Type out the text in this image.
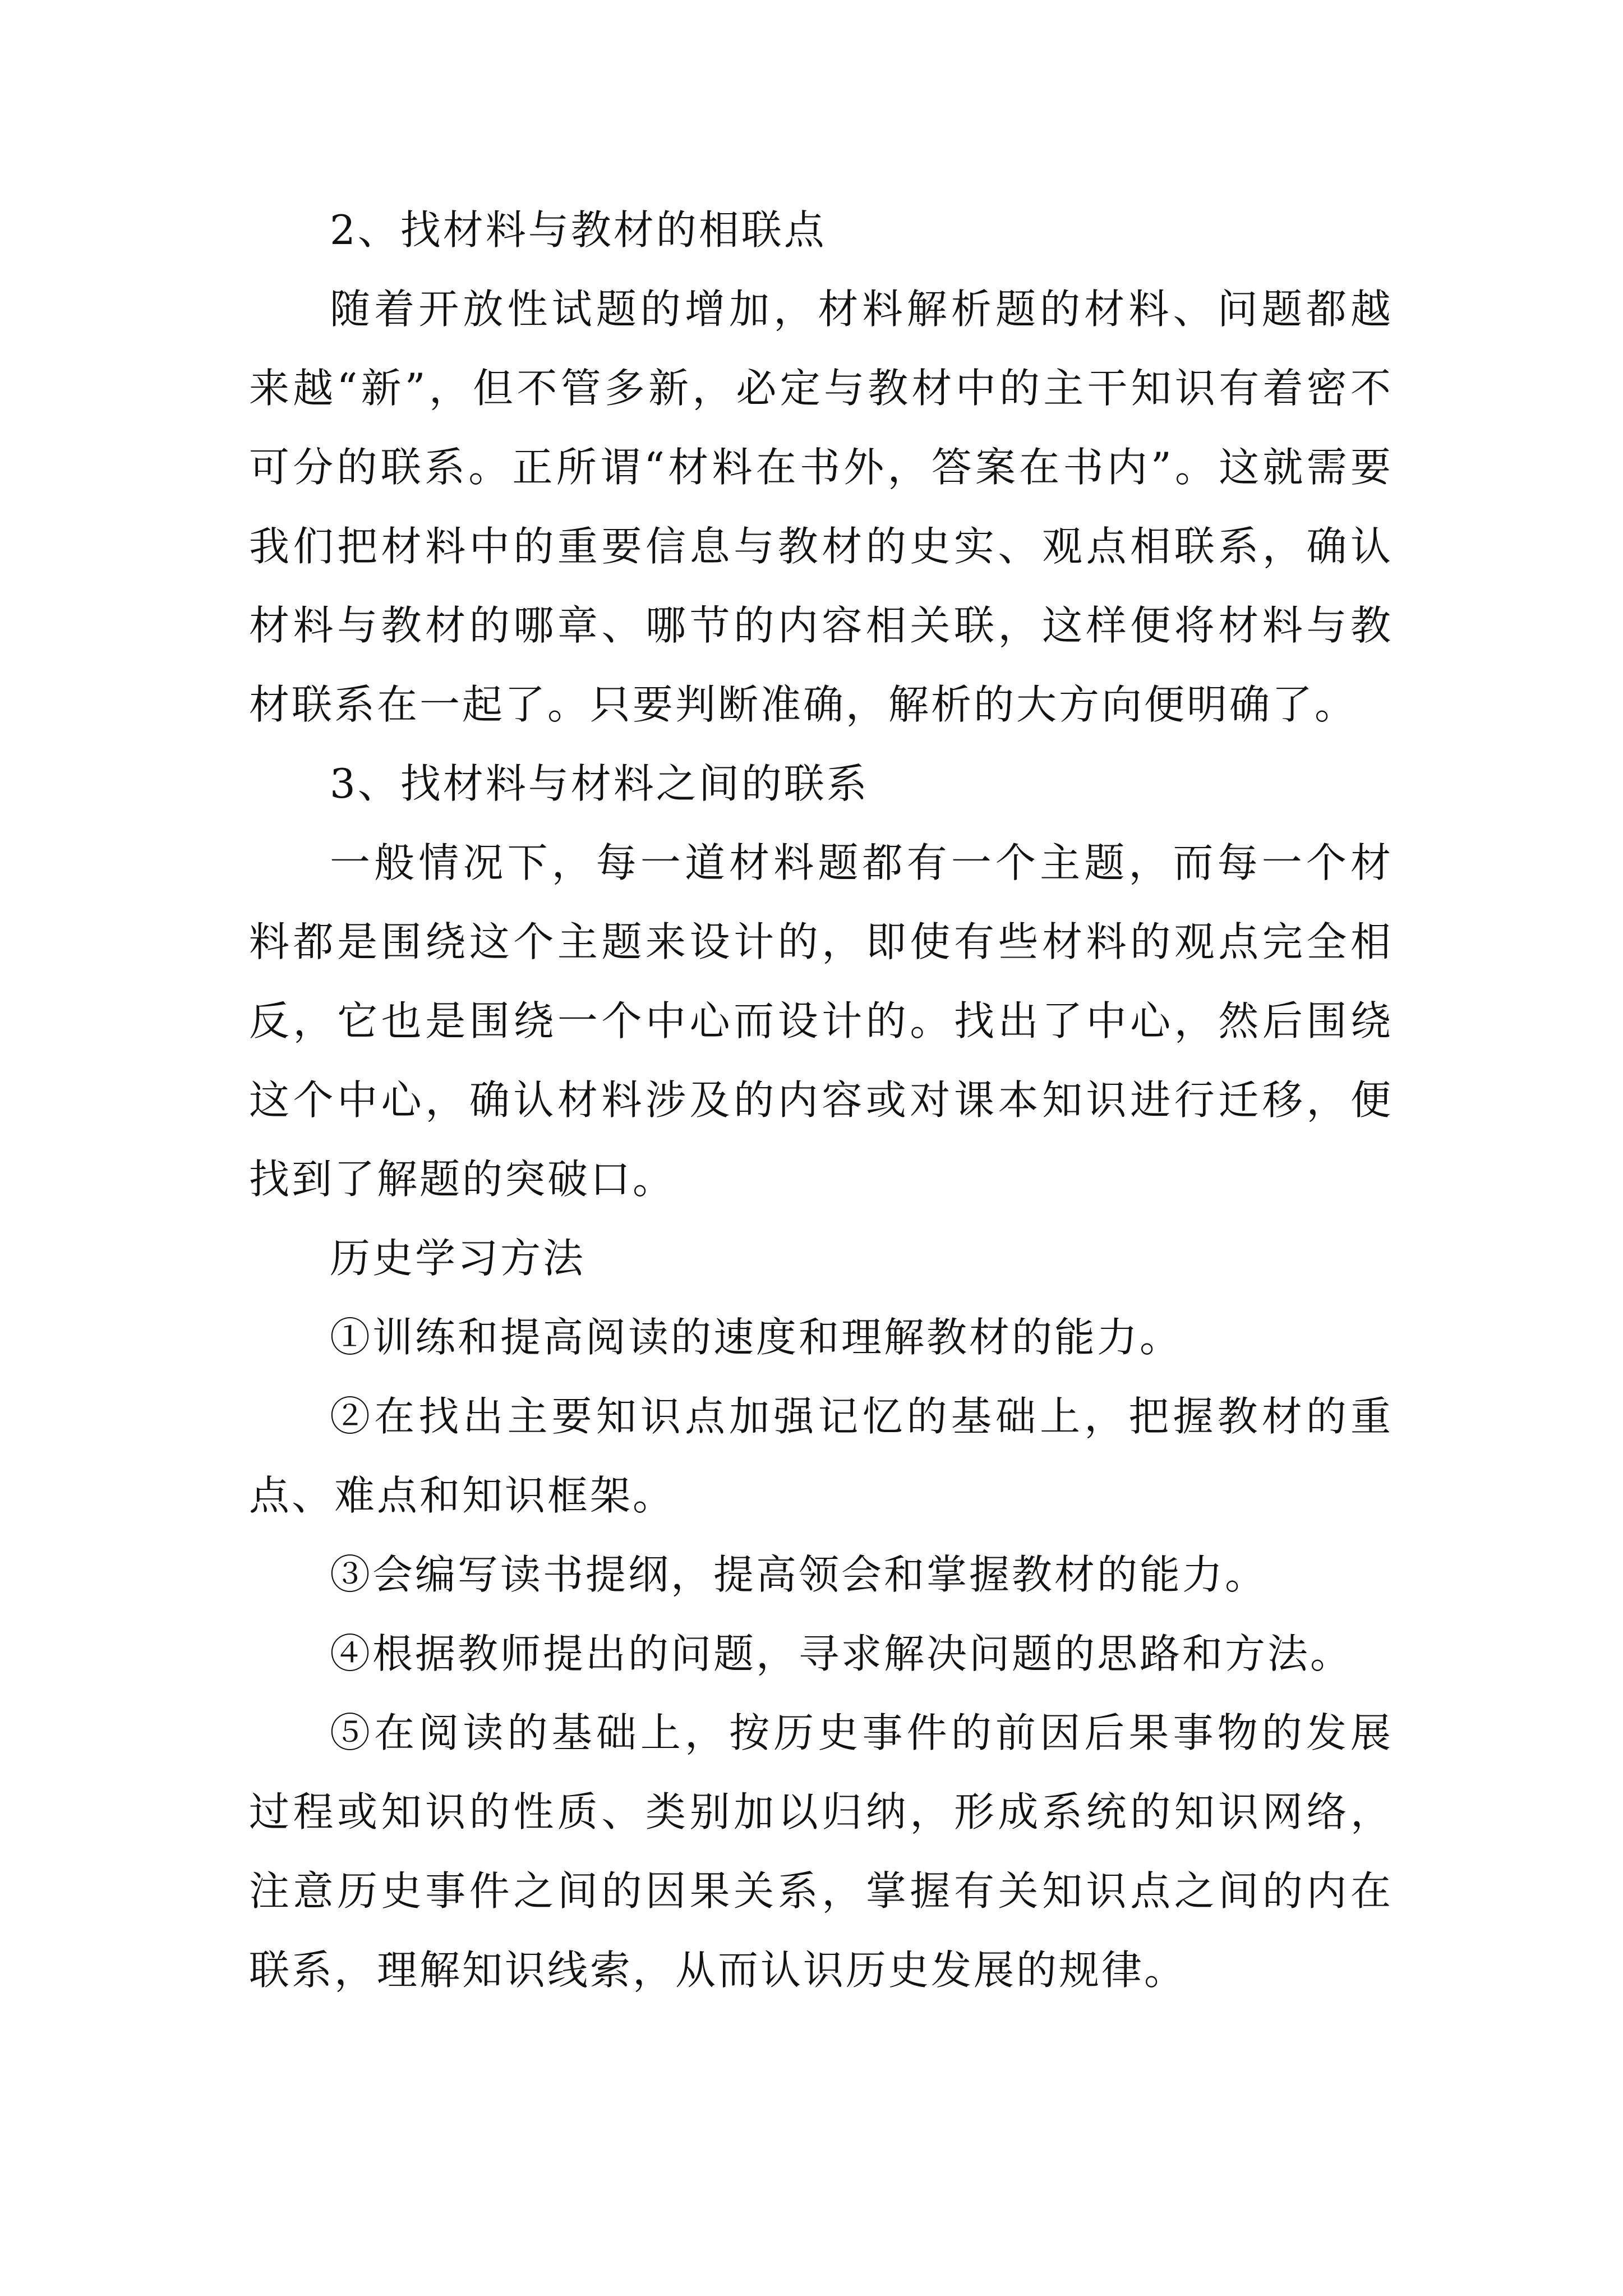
2、找材料与教材的相联点

随着开放性试题的增加，材料解析题的材料、问题都越来越“新”，但不管多新，必定与教材中的主干知识有着密不可分的联系。正所谓“材料在书外，答案在书内”。这就需要我们把材料中的重要信息与教材的史实、观点相联系，确认材料与教材的哪章、哪节的内容相关联，这样便将材料与教材联系在一起了。只要判断准确，解析的大方向便明确了。

3、找材料与材料之间的联系

一般情况下，每一道材料题都有一个主题，而每一个材料都是围绕这个主题来设计的，即使有些材料的观点完全相反，它也是围绕一个中心而设计的。找出了中心，然后围绕这个中心，确认材料涉及的内容或对课本知识进行迁移，便找到了解题的突破口。

历史学习方法

①训练和提高阅读的速度和理解教材的能力。

②在找出主要知识点加强记忆的基础上，把握教材的重点、难点和知识框架。

③会编写读书提纲，提高领会和掌握教材的能力。

④根据教师提出的问题，寻求解决问题的思路和方法。

⑤在阅读的基础上，按历史事件的前因后果事物的发展过程或知识的性质、类别加以归纳，形成系统的知识网络，注意历史事件之间的因果关系，掌握有关知识点之间的内在联系，理解知识线索，从而认识历史发展的规律。
